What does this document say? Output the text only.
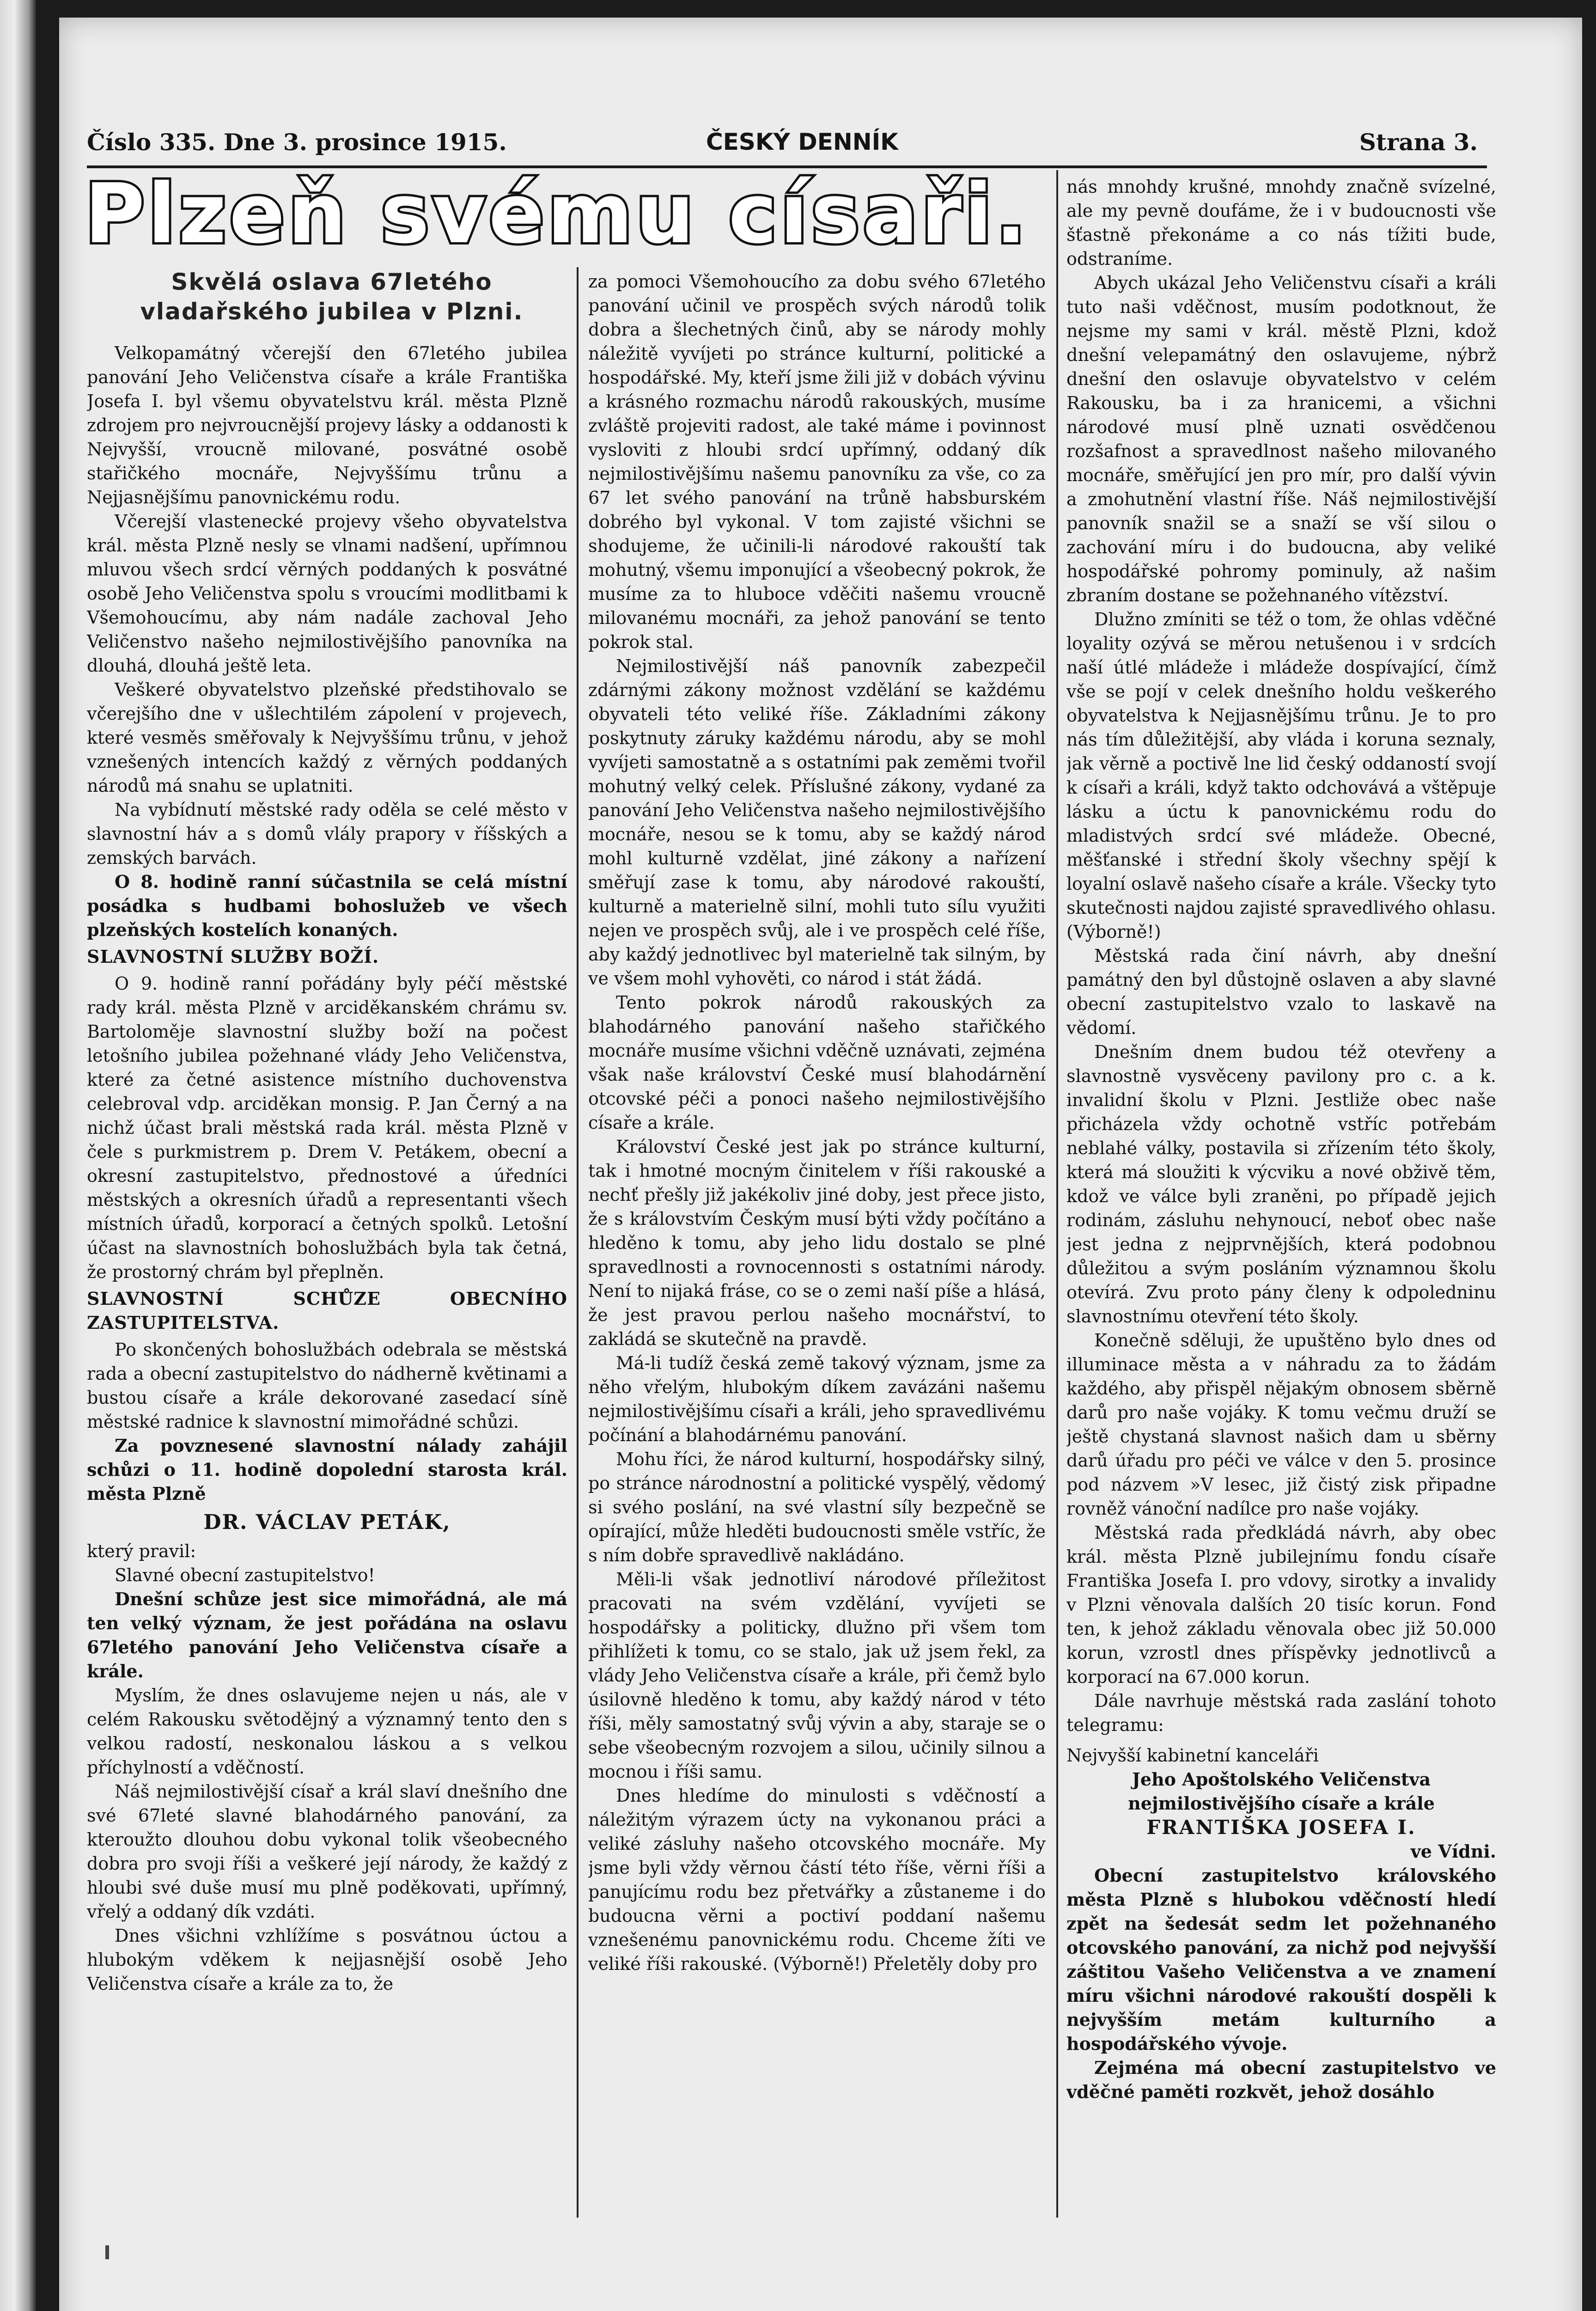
Číslo 335. Dne 3. prosince 1915.	ČESKÝ DENNÍK	Strana 3.
Plzeň svému císaři.
Skvělá oslava 67letého vladařského jubilea v Plzni.

Velkopamátný včerejší den 67letého jubilea panování Jeho Veličenstva císaře a krále Františka Josefa I. byl všemu obyvatelstvu král. města Plzně zdrojem pro nejvroucnější projevy lásky a oddanosti k Nejvyšší, vroucně milované, posvátné osobě stařičkého mocnáře, Nejvyššímu trůnu a Nejjasnějšímu panovnickému rodu.

Včerejší vlastenecké projevy všeho obyvatelstva král. města Plzně nesly se vlnami nadšení, upřímnou mluvou všech srdcí věrných poddaných k posvátné osobě Jeho Veličenstva spolu s vroucími modlitbami k Všemohoucímu, aby nám nadále zachoval Jeho Veličenstvo našeho nejmilostivějšího panovníka na dlouhá, dlouhá ještě leta.

Veškeré obyvatelstvo plzeňské předstihovalo se včerejšího dne v ušlechtilém zápolení v projevech, které vesměs směřovaly k Nejvyššímu trůnu, v jehož vznešených intencích každý z věrných poddaných národů má snahu se uplatniti.

Na vybídnutí městské rady oděla se celé město v slavnostní háv a s domů vlály prapory v říšských a zemských barvách.

O 8. hodině ranní súčastnila se celá místní posádka s hudbami bohoslužeb ve všech plzeňských kostelích konaných.

SLAVNOSTNÍ SLUŽBY BOŽÍ.

O 9. hodině ranní pořádány byly péčí městské rady král. města Plzně v arciděkanském chrámu sv. Bartoloměje slavnostní služby boží na počest letošního jubilea požehnané vlády Jeho Veličenstva, které za četné asistence místního duchovenstva celebroval vdp. arciděkan monsig. P. Jan Černý a na nichž účast brali městská rada král. města Plzně v čele s purkmistrem p. Drem V. Petákem, obecní a okresní zastupitelstvo, přednostové a úředníci městských a okresních úřadů a representanti všech místních úřadů, korporací a četných spolků. Letošní účast na slavnostních bohoslužbách byla tak četná, že prostorný chrám byl přeplněn.

SLAVNOSTNÍ SCHŮZE OBECNÍHO ZASTUPITELSTVA.

Po skončených bohoslužbách odebrala se městská rada a obecní zastupitelstvo do nádherně květinami a bustou císaře a krále dekorované zasedací síně městské radnice k slavnostní mimořádné schůzi.

Za povznesené slavnostní nálady zahájil schůzi o 11. hodině dopolední starosta král. města Plzně

DR. VÁCLAV PETÁK,

který pravil:

Slavné obecní zastupitelstvo!

Dnešní schůze jest sice mimořádná, ale má ten velký význam, že jest pořádána na oslavu 67letého panování Jeho Veličenstva císaře a krále.

Myslím, že dnes oslavujeme nejen u nás, ale v celém Rakousku světodějný a významný tento den s velkou radostí, neskonalou láskou a s velkou příchylností a vděčností.

Náš nejmilostivější císař a král slaví dnešního dne své 67leté slavné blahodárného panování, za kteroužto dlouhou dobu vykonal tolik všeobecného dobra pro svoji říši a veškeré její národy, že každý z hloubi své duše musí mu plně poděkovati, upřímný, vřelý a oddaný dík vzdáti.

Dnes všichni vzhlížíme s posvátnou úctou a hlubokým vděkem k nejjasnější osobě Jeho Veličenstva císaře a krále za to, že

za pomoci Všemohoucího za dobu svého 67letého panování učinil ve prospěch svých národů tolik dobra a šlechetných činů, aby se národy mohly náležitě vyvíjeti po stránce kulturní, politické a hospodářské. My, kteří jsme žili již v dobách vývinu a krásného rozmachu národů rakouských, musíme zvláště projeviti radost, ale také máme i povinnost vysloviti z hloubi srdcí upřímný, oddaný dík nejmilostivějšímu našemu panovníku za vše, co za 67 let svého panování na trůně habsburském dobrého byl vykonal. V tom zajisté všichni se shodujeme, že učinili-li národové rakouští tak mohutný, všemu imponující a všeobecný pokrok, že musíme za to hluboce vděčiti našemu vroucně milovanému mocnáři, za jehož panování se tento pokrok stal.

Nejmilostivější náš panovník zabezpečil zdárnými zákony možnost vzdělání se každému obyvateli této veliké říše. Základními zákony poskytnuty záruky každému národu, aby se mohl vyvíjeti samostatně a s ostatními pak zeměmi tvořil mohutný velký celek. Příslušné zákony, vydané za panování Jeho Veličenstva našeho nejmilostivějšího mocnáře, nesou se k tomu, aby se každý národ mohl kulturně vzdělat, jiné zákony a nařízení směřují zase k tomu, aby národové rakouští, kulturně a materielně silní, mohli tuto sílu využiti nejen ve prospěch svůj, ale i ve prospěch celé říše, aby každý jednotlivec byl materielně tak silným, by ve všem mohl vyhověti, co národ i stát žádá.

Tento pokrok národů rakouských za blahodárného panování našeho stařičkého mocnáře musíme všichni vděčně uznávati, zejména však naše království České musí blahodárnění otcovské péči a ponoci našeho nejmilostivějšího císaře a krále.

Království České jest jak po stránce kulturní, tak i hmotné mocným činitelem v říši rakouské a nechť přešly již jakékoliv jiné doby, jest přece jisto, že s královstvím Českým musí býti vždy počítáno a hleděno k tomu, aby jeho lidu dostalo se plné spravedlnosti a rovnocennosti s ostatními národy. Není to nijaká fráse, co se o zemi naší píše a hlásá, že jest pravou perlou našeho mocnářství, to zakládá se skutečně na pravdě.

Má-li tudíž česká země takový význam, jsme za něho vřelým, hlubokým díkem zavázáni našemu nejmilostivějšímu císaři a králi, jeho spravedlivému počínání a blahodárnému panování.

Mohu říci, že národ kulturní, hospodářsky silný, po stránce národnostní a politické vyspělý, vědomý si svého poslání, na své vlastní síly bezpečně se opírající, může hleděti budoucnosti směle vstříc, že s ním dobře spravedlivě nakládáno.

Měli-li však jednotliví národové příležitost pracovati na svém vzdělání, vyvíjeti se hospodářsky a politicky, dlužno při všem tom přihlížeti k tomu, co se stalo, jak už jsem řekl, za vlády Jeho Veličenstva císaře a krále, při čemž bylo úsilovně hleděno k tomu, aby každý národ v této říši, měly samostatný svůj vývin a aby, staraje se o sebe všeobecným rozvojem a silou, učinily silnou a mocnou i říši samu.

Dnes hledíme do minulosti s vděčností a náležitým výrazem úcty na vykonanou práci a veliké zásluhy našeho otcovského mocnáře. My jsme byli vždy věrnou částí této říše, věrni říši a panujícímu rodu bez přetvářky a zůstaneme i do budoucna věrni a poctiví poddaní našemu vznešenému panovnickému rodu. Chceme žíti ve veliké říši rakouské. (Výborně!) Přeletěly doby pro

nás mnohdy krušné, mnohdy značně svízelné, ale my pevně doufáme, že i v budoucnosti vše šťastně překonáme a co nás tížiti bude, odstraníme.

Abych ukázal Jeho Veličenstvu císaři a králi tuto naši vděčnost, musím podotknout, že nejsme my sami v král. městě Plzni, kdož dnešní velepamátný den oslavujeme, nýbrž dnešní den oslavuje obyvatelstvo v celém Rakousku, ba i za hranicemi, a všichni národové musí plně uznati osvědčenou rozšafnost a spravedlnost našeho milovaného mocnáře, směřující jen pro mír, pro další vývin a zmohutnění vlastní říše. Náš nejmilostivější panovník snažil se a snaží se vší silou o zachování míru i do budoucna, aby veliké hospodářské pohromy pominuly, až našim zbraním dostane se požehnaného vítězství.

Dlužno zmíniti se též o tom, že ohlas vděčné loyality ozývá se měrou netušenou i v srdcích naší útlé mládeže i mládeže dospívající, čímž vše se pojí v celek dnešního holdu veškerého obyvatelstva k Nejjasnějšímu trůnu. Je to pro nás tím důležitější, aby vláda i koruna seznaly, jak věrně a poctivě lne lid český oddaností svojí k císaři a králi, když takto odchovává a vštěpuje lásku a úctu k panovnickému rodu do mladistvých srdcí své mládeže. Obecné, měšťanské i střední školy všechny spějí k loyalní oslavě našeho císaře a krále. Všecky tyto skutečnosti najdou zajisté spravedlivého ohlasu. (Výborně!)

Městská rada činí návrh, aby dnešní památný den byl důstojně oslaven a aby slavné obecní zastupitelstvo vzalo to laskavě na vědomí.

Dnešním dnem budou též otevřeny a slavnostně vysvěceny pavilony pro c. a k. invalidní školu v Plzni. Jestliže obec naše přicházela vždy ochotně vstříc potřebám neblahé války, postavila si zřízením této školy, která má sloužiti k výcviku a nové obživě těm, kdož ve válce byli zraněni, po případě jejich rodinám, zásluhu nehynoucí, neboť obec naše jest jedna z nejprvnějších, která podobnou důležitou a svým posláním významnou školu otevírá. Zvu proto pány členy k odpoledninu slavnostnímu otevření této školy.

Konečně sděluji, že upuštěno bylo dnes od illuminace města a v náhradu za to žádám každého, aby přispěl nějakým obnosem sběrně darů pro naše vojáky. K tomu večmu druží se ještě chystaná slavnost našich dam u sběrny darů úřadu pro péči ve válce v den 5. prosince pod názvem »V lesec, již čistý zisk připadne rovněž vánoční nadílce pro naše vojáky.

Městská rada předkládá návrh, aby obec král. města Plzně jubilejnímu fondu císaře Františka Josefa I. pro vdovy, sirotky a invalidy v Plzni věnovala dalších 20 tisíc korun. Fond ten, k jehož základu věnovala obec již 50.000 korun, vzrostl dnes příspěvky jednotlivců a korporací na 67.000 korun.

Dále navrhuje městská rada zaslání tohoto telegramu:

Nejvyšší kabinetní kanceláři

Jeho Apoštolského Veličenstva

nejmilostivějšího císaře a krále

FRANTIŠKA JOSEFA I.

ve Vídni.

Obecní zastupitelstvo královského města Plzně s hlubokou vděčností hledí zpět na šedesát sedm let požehnaného otcovského panování, za nichž pod nejvyšší záštitou Vašeho Veličenstva a ve znamení míru všichni národové rakouští dospěli k nejvyšším metám kulturního a hospodářského vývoje.

Zejména má obecní zastupitelstvo ve vděčné paměti rozkvět, jehož dosáhlo
